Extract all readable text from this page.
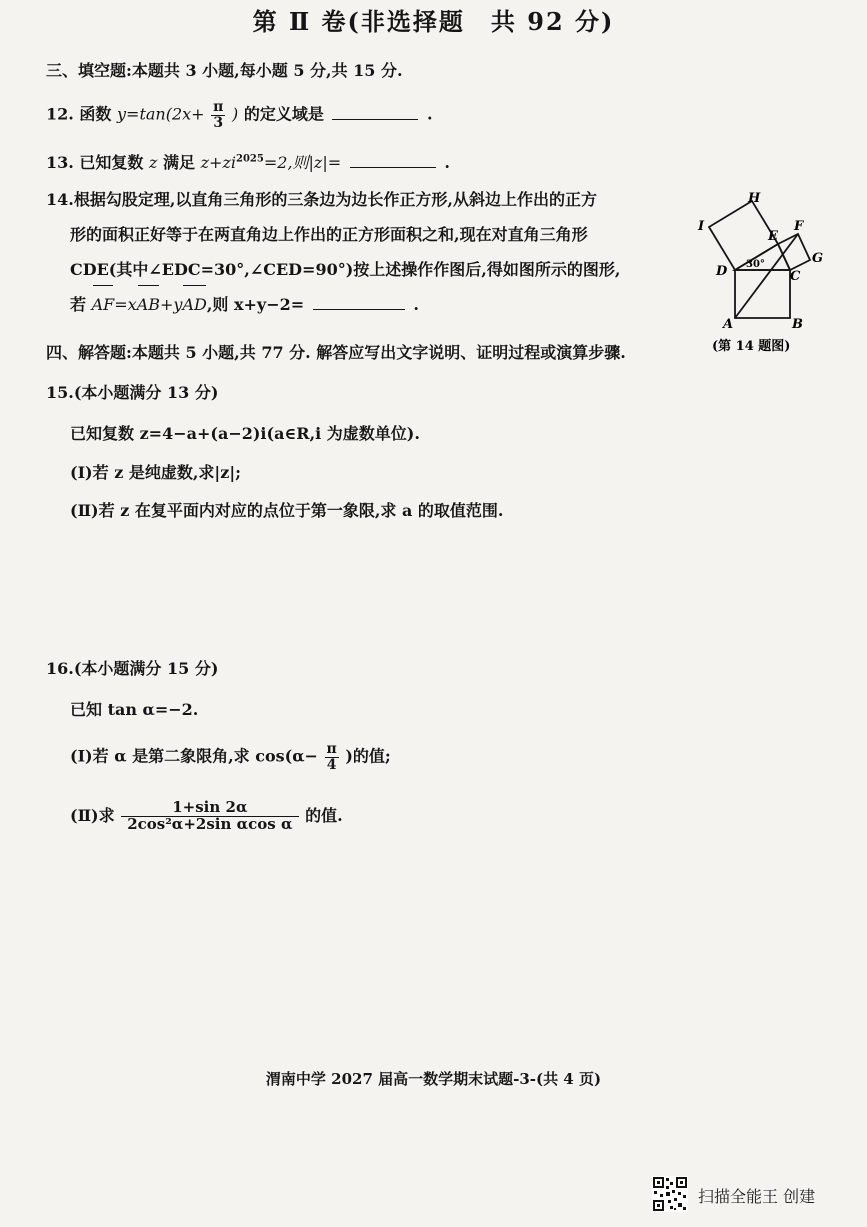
第 Ⅱ 卷(非选择题　共 92 分)
三、填空题:本题共 3 小题,每小题 5 分,共 15 分.
12. 函数 $y=\tan(2x+ \frac{\pi}{3}$ ) 的定义域是	.
13. 已知复数 z 满足 $z+zi^{2025}=2$,则|z|=	.
14.根据勾股定理,以直角三角形的三条边为边长作正方形,从斜边上作出的正方
形的面积正好等于在两直角边上作出的正方形面积之和,现在对直角三角形
CDE(其中∠EDC=30°,∠CED=90°)按上述操作作图后,得如图所示的图形,
若 AF=xAB+yAD,则 x+y−2=	.
H
I
E
F
G
C
D
A	B
30°
(第 14 题图)
四、解答题:本题共 5 小题,共 77 分. 解答应写出文字说明、证明过程或演算步骤.
15.(本小题满分 13 分)
已知复数 z=4−a+(a−2)i(a∈R,i 为虚数单位).
(Ⅰ)若 z 是纯虚数,求|z|;
(Ⅱ)若 z 在复平面内对应的点位于第一象限,求 a 的取值范围.
16.(本小题满分 15 分)
已知 tan α=−2.
(Ⅰ)若 α 是第二象限角,求 $\cos(\alpha- \frac{\pi}{4}$ )的值;
(Ⅱ)求 $\frac{1+\sin 2\alpha}{\text{2cos²α+2sin αcos α}}$ 的值.
渭南中学 2027 届高一数学期末试题-3-(共 4 页)
扫描全能王 创建
